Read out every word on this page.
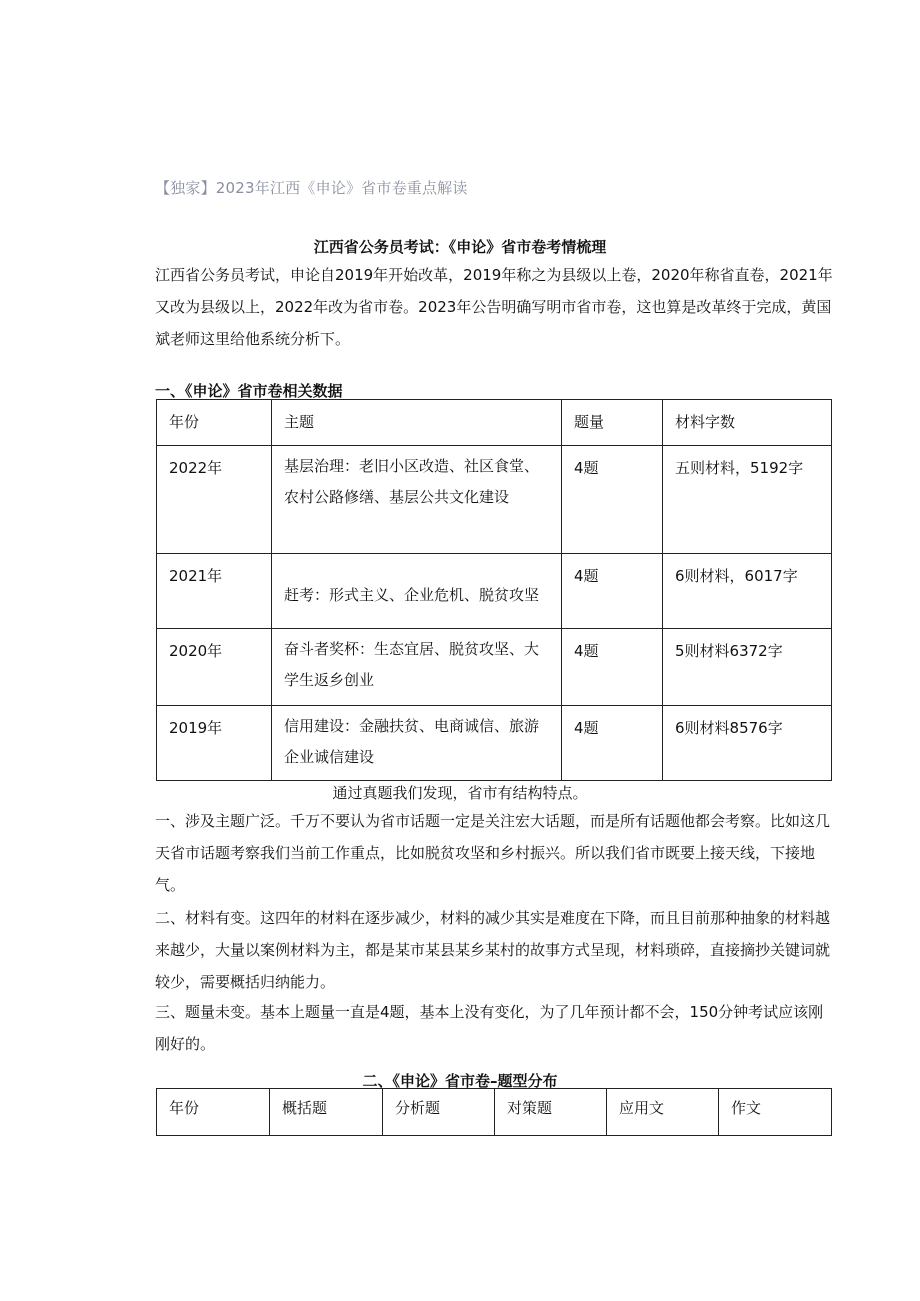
【独家】2023年江西《申论》省市卷重点解读
江西省公务员考试：《申论》省市卷考情梳理

江西省公务员考试，申论自2019年开始改革，2019年称之为县级以上卷，2020年称省直卷，2021年又改为县级以上，2022年改为省市卷。2023年公告明确写明市省市卷，这也算是改革终于完成，黄国斌老师这里给他系统分析下。

一、《申论》省市卷相关数据
年份	主题	题量	材料字数
2022年	基层治理：老旧小区改造、社区食堂、农村公路修缮、基层公共文化建设	4题	五则材料，5192字
2021年	赶考：形式主义、企业危机、脱贫攻坚	4题	6则材料，6017字
2020年	奋斗者奖杯：生态宜居、脱贫攻坚、大学生返乡创业	4题	5则材料6372字
2019年	信用建设：金融扶贫、电商诚信、旅游企业诚信建设	4题	6则材料8576字
通过真题我们发现，省市有结构特点。

一、涉及主题广泛。千万不要认为省市话题一定是关注宏大话题，而是所有话题他都会考察。比如这几天省市话题考察我们当前工作重点，比如脱贫攻坚和乡村振兴。所以我们省市既要上接天线，下接地气。

二、材料有变。这四年的材料在逐步减少，材料的减少其实是难度在下降，而且目前那种抽象的材料越来越少，大量以案例材料为主，都是某市某县某乡某村的故事方式呈现，材料琐碎，直接摘抄关键词就较少，需要概括归纳能力。

三、题量未变。基本上题量一直是4题，基本上没有变化，为了几年预计都不会，150分钟考试应该刚刚好的。

二、《申论》省市卷–题型分布
年份	概括题	分析题	对策题	应用文	作文
